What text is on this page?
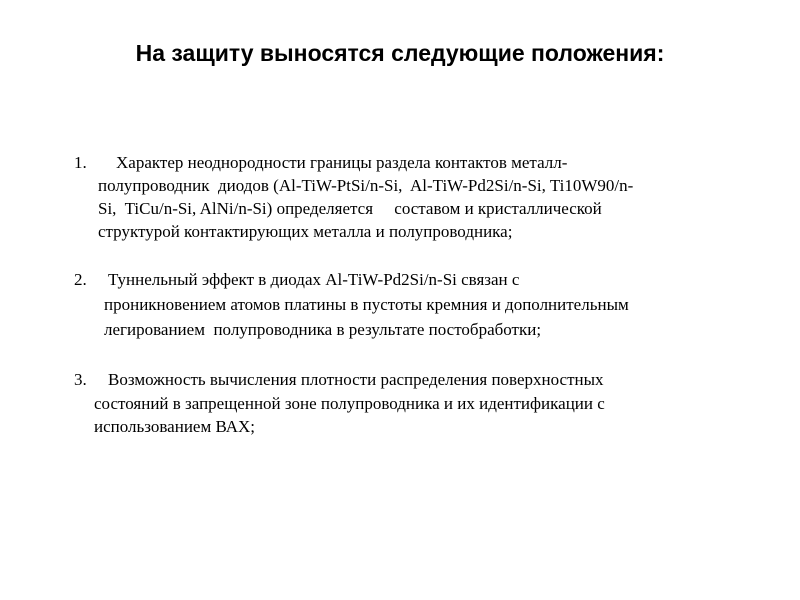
На защиту выносятся следующие положения:
1. Характер неоднородности границы раздела контактов металл-
полупроводник  диодов (Al-TiW-PtSi/n-Si,  Al-TiW-Pd2Si/n-Si, Ti10W90/n-
Si,  TiCu/n-Si, AlNi/n-Si) определяется     составом и кристаллической
структурой контактирующих металла и полупроводника;
2. Туннельный эффект в диодах Al-TiW-Pd2Si/n-Si связан с
проникновением атомов платины в пустоты кремния и дополнительным
легированием  полупроводника в результате постобработки;
3. Возможность вычисления плотности распределения поверхностных
состояний в запрещенной зоне полупроводника и их идентификации с
использованием ВАХ;
